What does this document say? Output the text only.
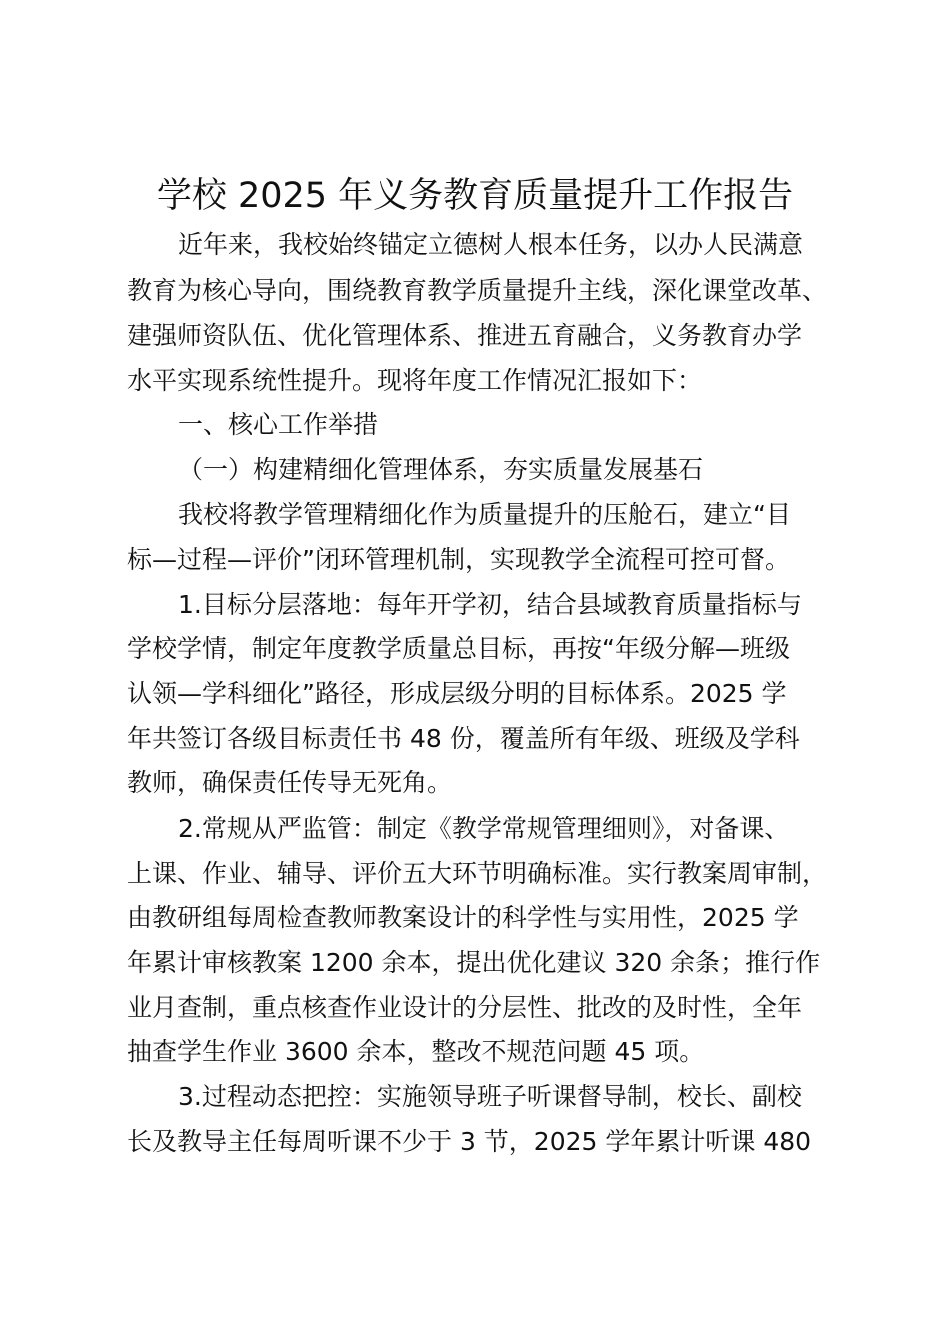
学校 2025 年义务教育质量提升工作报告

近年来，我校始终锚定立德树人根本任务，以办人民满意

教育为核心导向，围绕教育教学质量提升主线，深化课堂改革、

建强师资队伍、优化管理体系、推进五育融合，义务教育办学

水平实现系统性提升。现将年度工作情况汇报如下：

一、核心工作举措

（一）构建精细化管理体系，夯实质量发展基石

我校将教学管理精细化作为质量提升的压舱石，建立“目

标—过程—评价”闭环管理机制，实现教学全流程可控可督。

1.目标分层落地：每年开学初，结合县域教育质量指标与

学校学情，制定年度教学质量总目标，再按“年级分解—班级

认领—学科细化”路径，形成层级分明的目标体系。2025 学

年共签订各级目标责任书 48 份，覆盖所有年级、班级及学科

教师，确保责任传导无死角。

2.常规从严监管：制定《教学常规管理细则》，对备课、

上课、作业、辅导、评价五大环节明确标准。实行教案周审制，

由教研组每周检查教师教案设计的科学性与实用性，2025 学

年累计审核教案 1200 余本，提出优化建议 320 余条；推行作

业月查制，重点核查作业设计的分层性、批改的及时性，全年

抽查学生作业 3600 余本，整改不规范问题 45 项。

3.过程动态把控：实施领导班子听课督导制，校长、副校

长及教导主任每周听课不少于 3 节，2025 学年累计听课 480
